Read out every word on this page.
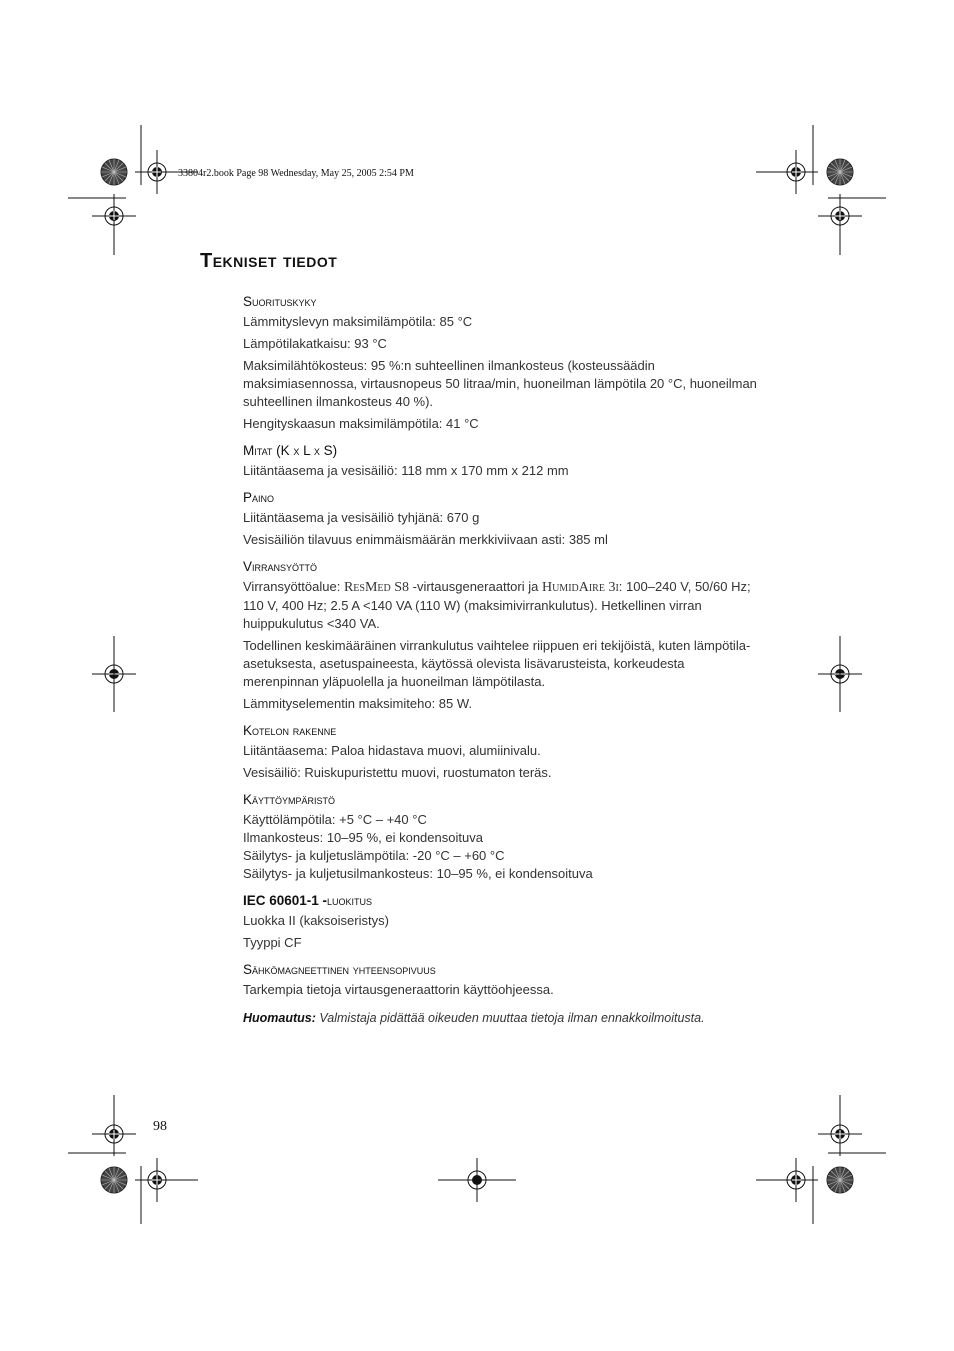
33804r2.book Page 98 Wednesday, May 25, 2005 2:54 PM
Tekniset tiedot
Suorituskyky
Lämmityslevyn maksimilämpötila: 85 °C
Lämpötilakatkaisu: 93 °C
Maksimilähtökosteus: 95 %:n suhteellinen ilmankosteus (kosteussäädin maksimiasennossa, virtausnopeus 50 litraa/min, huoneilman lämpötila 20 °C, huoneilman suhteellinen ilmankosteus 40 %).
Hengityskaasun maksimilämpötila: 41 °C
Mitat (K x L x S)
Liitäntäasema ja vesisäiliö: 118 mm x 170 mm x 212 mm
Paino
Liitäntäasema ja vesisäiliö tyhjänä: 670 g
Vesisäiliön tilavuus enimmäismäärän merkkiviivaan asti: 385 ml
Virransyöttö
Virransyöttöalue: ResMed S8 -virtausgeneraattori ja HumidAire 3i: 100–240 V, 50/60 Hz; 110 V, 400 Hz; 2.5 A <140 VA (110 W) (maksimivirrankulutus). Hetkellinen virran huippukulutus <340 VA.
Todellinen keskimääräinen virrankulutus vaihtelee riippuen eri tekijöistä, kuten lämpötila-asetuksesta, asetuspaineesta, käytössä olevista lisävarusteista, korkeudesta merenpinnan yläpuolella ja huoneilman lämpötilasta.
Lämmityselementin maksimiteho: 85 W.
Kotelon rakenne
Liitäntäasema: Paloa hidastava muovi, alumiinivalu.
Vesisäiliö: Ruiskupuristettu muovi, ruostumaton teräs.
Käyttöympäristö
Käyttölämpötila: +5 °C – +40 °C
Ilmankosteus: 10–95 %, ei kondensoituva
Säilytys- ja kuljetuslämpötila: -20 °C – +60 °C
Säilytys- ja kuljetusilmankosteus: 10–95 %, ei kondensoituva
IEC 60601-1 -luokitus
Luokka II (kaksoiseristys)
Tyyppi CF
Sähkömagneettinen yhteensopivuus
Tarkempia tietoja virtausgeneraattorin käyttöohjeessa.
Huomautus: Valmistaja pidättää oikeuden muuttaa tietoja ilman ennakkoilmoitusta.
98
